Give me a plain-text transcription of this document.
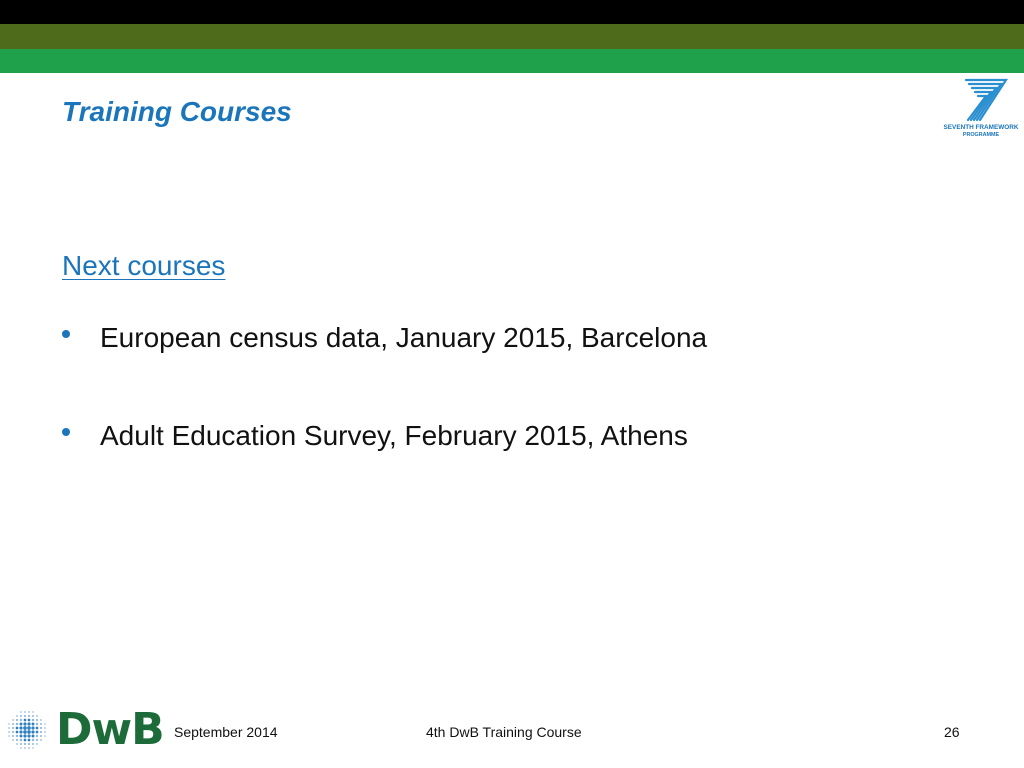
Training Courses
SEVENTH FRAMEWORK
PROGRAMME
Next courses
European census data, January 2015, Barcelona
Adult Education Survey, February 2015, Athens
DwB September 2014	4th DwB Training Course	26
